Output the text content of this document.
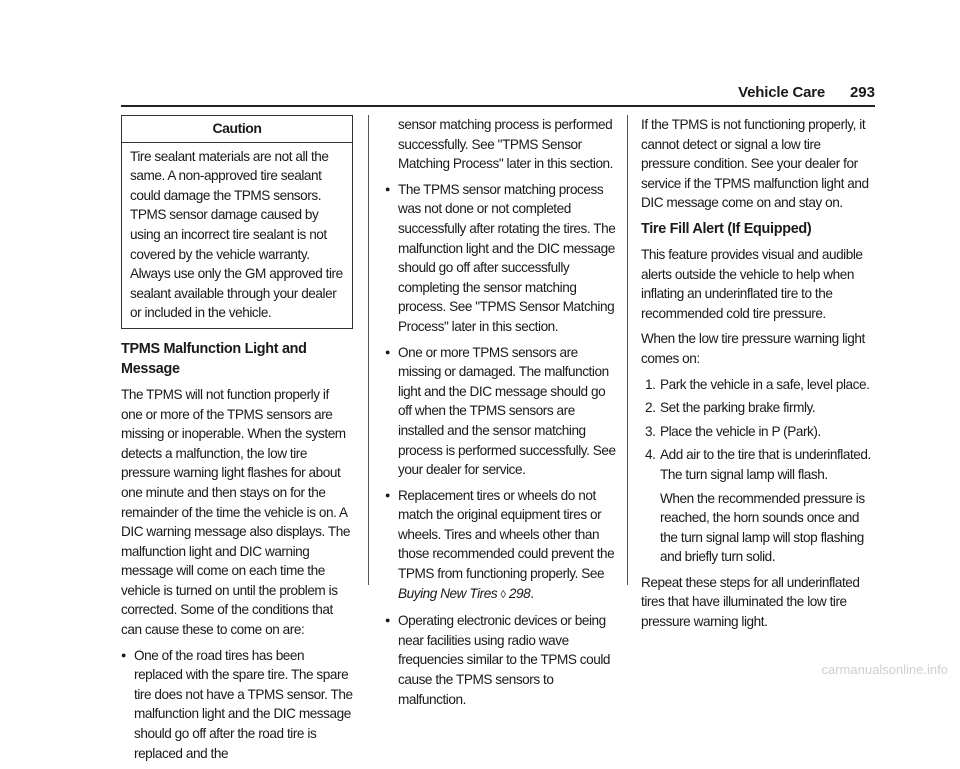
Vehicle Care 293
Caution
Tire sealant materials are not all the same. A non-approved tire sealant could damage the TPMS sensors. TPMS sensor damage caused by using an incorrect tire sealant is not covered by the vehicle warranty. Always use only the GM approved tire sealant available through your dealer or included in the vehicle.
TPMS Malfunction Light and Message

The TPMS will not function properly if one or more of the TPMS sensors are missing or inoperable. When the system detects a malfunction, the low tire pressure warning light flashes for about one minute and then stays on for the remainder of the time the vehicle is on. A DIC warning message also displays. The malfunction light and DIC warning message will come on each time the vehicle is turned on until the problem is corrected. Some of the conditions that can cause these to come on are:

● One of the road tires has been replaced with the spare tire. The spare tire does not have a TPMS sensor. The malfunction light and the DIC message should go off after the road tire is replaced and the
sensor matching process is performed successfully. See "TPMS Sensor Matching Process" later in this section.
● The TPMS sensor matching process was not done or not completed successfully after rotating the tires. The malfunction light and the DIC message should go off after successfully completing the sensor matching process. See "TPMS Sensor Matching Process" later in this section.
● One or more TPMS sensors are missing or damaged. The malfunction light and the DIC message should go off when the TPMS sensors are installed and the sensor matching process is performed successfully. See your dealer for service.
● Replacement tires or wheels do not match the original equipment tires or wheels. Tires and wheels other than those recommended could prevent the TPMS from functioning properly. See Buying New Tires ◊ 298.
● Operating electronic devices or being near facilities using radio wave frequencies similar to the TPMS could cause the TPMS sensors to malfunction.

If the TPMS is not functioning properly, it cannot detect or signal a low tire pressure condition. See your dealer for service if the TPMS malfunction light and DIC message come on and stay on.

Tire Fill Alert (If Equipped)

This feature provides visual and audible alerts outside the vehicle to help when inflating an underinflated tire to the recommended cold tire pressure.

When the low tire pressure warning light comes on:

1. Park the vehicle in a safe, level place.
2. Set the parking brake firmly.
3. Place the vehicle in P (Park).
4. Add air to the tire that is underinflated. The turn signal lamp will flash.
When the recommended pressure is reached, the horn sounds once and the turn signal lamp will stop flashing and briefly turn solid.

Repeat these steps for all underinflated tires that have illuminated the low tire pressure warning light.

carmanualsonline.info
